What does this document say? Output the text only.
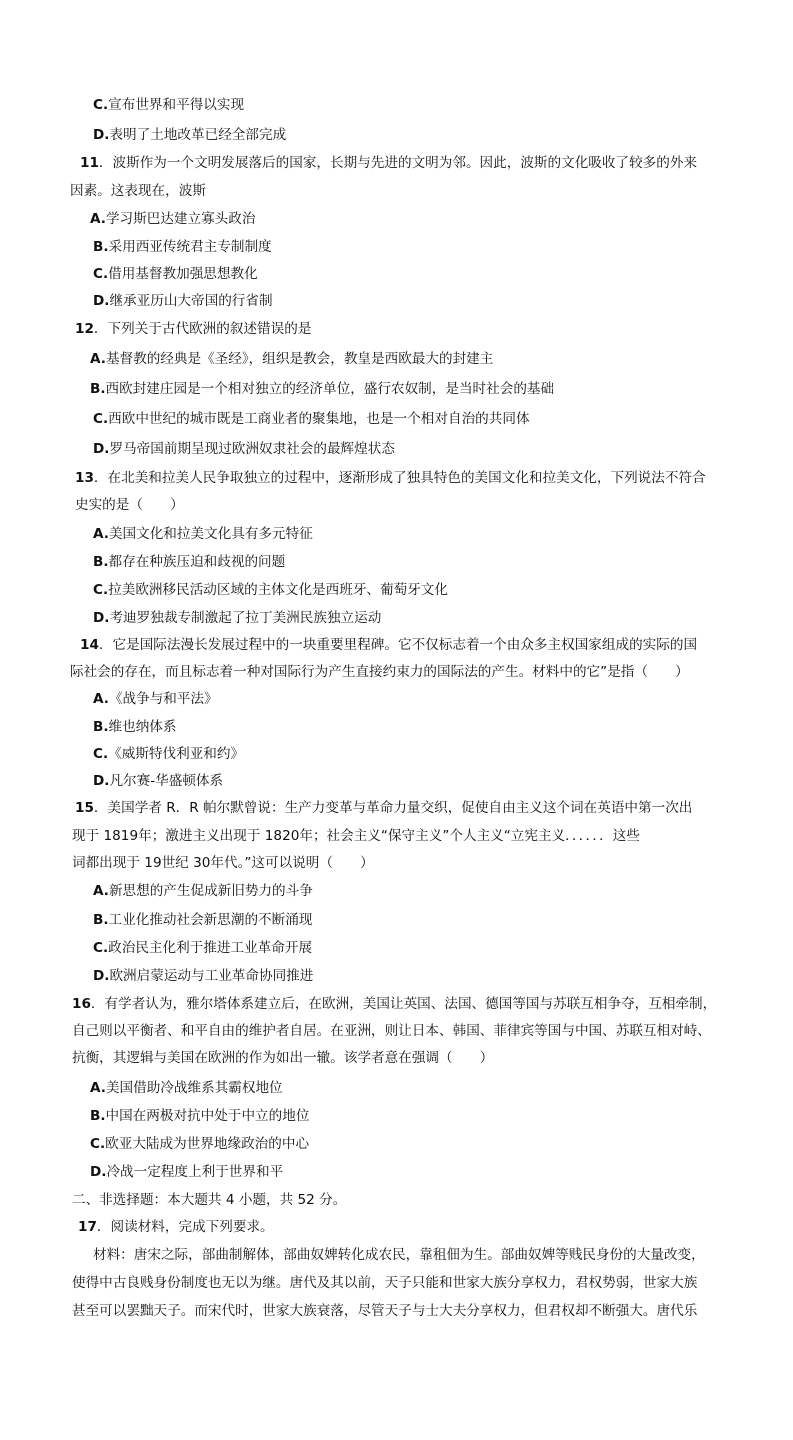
C.宣布世界和平得以实现
D.表明了土地改革已经全部完成
11．波斯作为一个文明发展落后的国家，长期与先进的文明为邻。因此，波斯的文化吸收了较多的外来
因素。这表现在，波斯
A.学习斯巴达建立寡头政治
B.采用西亚传统君主专制制度
C.借用基督教加强思想教化
D.继承亚历山大帝国的行省制
12．下列关于古代欧洲的叙述错误的是
A.基督教的经典是《圣经》，组织是教会，教皇是西欧最大的封建主
B.西欧封建庄园是一个相对独立的经济单位，盛行农奴制，是当时社会的基础
C.西欧中世纪的城市既是工商业者的聚集地，也是一个相对自治的共同体
D.罗马帝国前期呈现过欧洲奴隶社会的最辉煌状态
13．在北美和拉美人民争取独立的过程中，逐渐形成了独具特色的美国文化和拉美文化，下列说法不符合
史实的是（　　）
A.美国文化和拉美文化具有多元特征
B.都存在种族压迫和歧视的问题
C.拉美欧洲移民活动区域的主体文化是西班牙、葡萄牙文化
D.考迪罗独裁专制激起了拉丁美洲民族独立运动
14．它是国际法漫长发展过程中的一块重要里程碑。它不仅标志着一个由众多主权国家组成的实际的国
际社会的存在，而且标志着一种对国际行为产生直接约束力的国际法的产生。材料中的它”是指（　　）
A.《战争与和平法》
B.维也纳体系
C.《威斯特伐利亚和约》
D.凡尔赛-华盛顿体系
15．美国学者 R．R 帕尔默曾说：生产力变革与革命力量交织，促使自由主义这个词在英语中第一次出
现于 1819年；激进主义出现于 1820年；社会主义“保守主义”个人主义“立宪主义．．．．．．这些
词都出现于 19世纪 30年代。”这可以说明（　　）
A.新思想的产生促成新旧势力的斗争
B.工业化推动社会新思潮的不断涌现
C.政治民主化利于推进工业革命开展
D.欧洲启蒙运动与工业革命协同推进
16．有学者认为，雅尔塔体系建立后，在欧洲，美国让英国、法国、德国等国与苏联互相争夺，互相牵制，
自己则以平衡者、和平自由的维护者自居。在亚洲，则让日本、韩国、菲律宾等国与中国、苏联互相对峙、
抗衡，其逻辑与美国在欧洲的作为如出一辙。该学者意在强调（　　）
A.美国借助冷战维系其霸权地位
B.中国在两极对抗中处于中立的地位
C.欧亚大陆成为世界地缘政治的中心
D.冷战一定程度上利于世界和平
二、非选择题：本大题共 4 小题，共 52 分。
17．阅读材料，完成下列要求。
材料：唐宋之际，部曲制解体，部曲奴婢转化成农民，靠租佃为生。部曲奴婢等贱民身份的大量改变，
使得中古良贱身份制度也无以为继。唐代及其以前，天子只能和世家大族分享权力，君权势弱，世家大族
甚至可以罢黜天子。而宋代时，世家大族衰落，尽管天子与士大夫分享权力，但君权却不断强大。唐代乐
